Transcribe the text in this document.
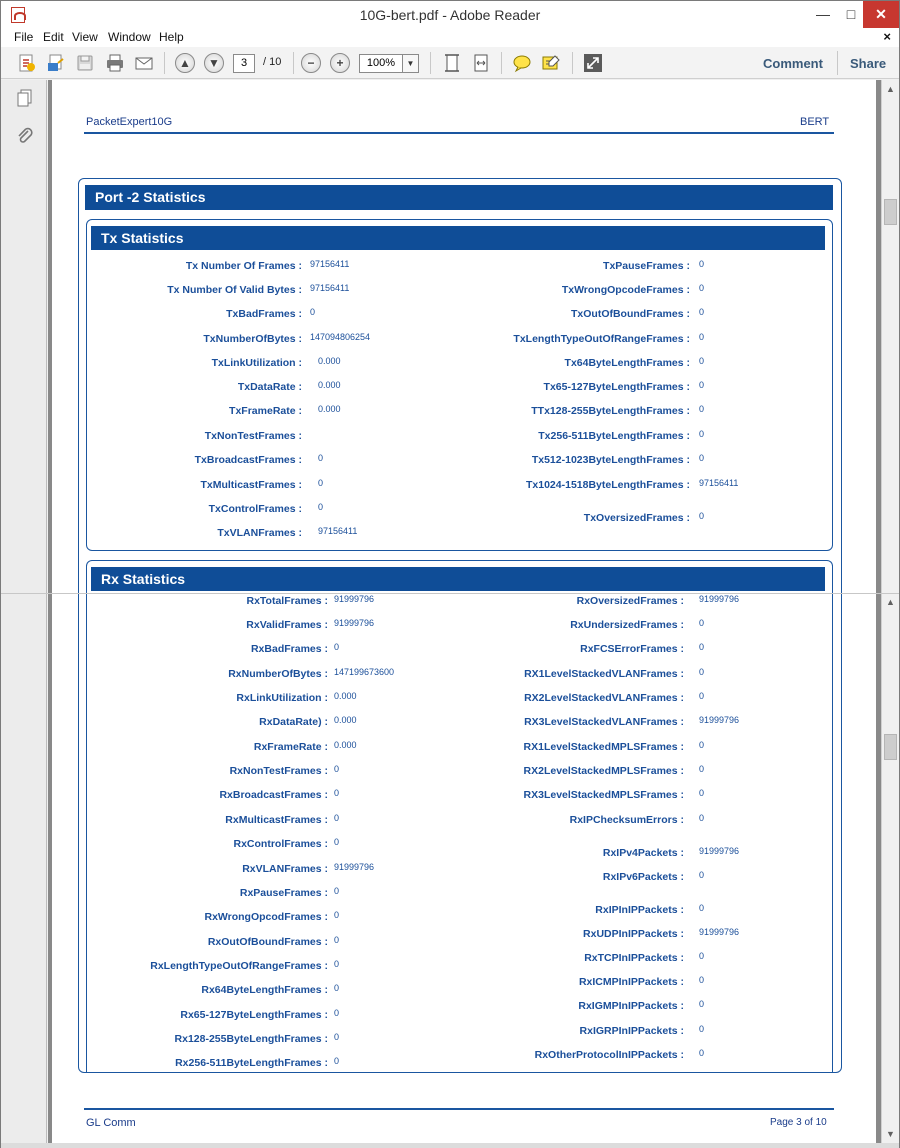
10G-bert.pdf - Adobe Reader	—	□	✕
File Edit View Window Help	×
▲ ▼	3	/ 10	−	+	100%	▼	Comment Share
PacketExpert10G	BERT
Port -2 Statistics
Tx Statistics
Tx Number Of Frames : 97156411
Tx Number Of Valid Bytes : 97156411
TxBadFrames : 0
TxNumberOfBytes : 147094806254
TxLinkUtilization : 0.000
TxDataRate : 0.000
TxFrameRate : 0.000
TxNonTestFrames :
TxBroadcastFrames : 0
TxMulticastFrames : 0
TxControlFrames : 0
TxVLANFrames : 97156411
TxPauseFrames : 0
TxWrongOpcodeFrames : 0
TxOutOfBoundFrames : 0
TxLengthTypeOutOfRangeFrames : 0
Tx64ByteLengthFrames : 0
Tx65-127ByteLengthFrames : 0
TTx128-255ByteLengthFrames : 0
Tx256-511ByteLengthFrames : 0
Tx512-1023ByteLengthFrames : 0
Tx1024-1518ByteLengthFrames : 97156411
TxOversizedFrames : 0
Rx Statistics
RxTotalFrames : 91999796
RxValidFrames : 91999796
RxBadFrames : 0
RxNumberOfBytes : 147199673600
RxLinkUtilization : 0.000
RxDataRate) : 0.000
RxFrameRate : 0.000
RxNonTestFrames : 0
RxBroadcastFrames : 0
RxMulticastFrames : 0
RxControlFrames : 0
RxVLANFrames : 91999796
RxPauseFrames : 0
RxWrongOpcodFrames : 0
RxOutOfBoundFrames : 0
RxLengthTypeOutOfRangeFrames : 0
Rx64ByteLengthFrames : 0
Rx65-127ByteLengthFrames : 0
Rx128-255ByteLengthFrames : 0
Rx256-511ByteLengthFrames : 0
RxOversizedFrames : 91999796
RxUndersizedFrames : 0
RxFCSErrorFrames : 0
RX1LevelStackedVLANFrames : 0
RX2LevelStackedVLANFrames : 0
RX3LevelStackedVLANFrames : 91999796
RX1LevelStackedMPLSFrames : 0
RX2LevelStackedMPLSFrames : 0
RX3LevelStackedMPLSFrames : 0
RxIPChecksumErrors : 0
RxIPv4Packets : 91999796
RxIPv6Packets : 0
RxIPInIPPackets : 0
RxUDPInIPPackets : 91999796
RxTCPInIPPackets : 0
RxICMPInIPPackets : 0
RxIGMPInIPPackets : 0
RxIGRPInIPPackets : 0
RxOtherProtocolInIPPackets : 0
GL Comm	Page 3 of 10
▲
▲
▼
